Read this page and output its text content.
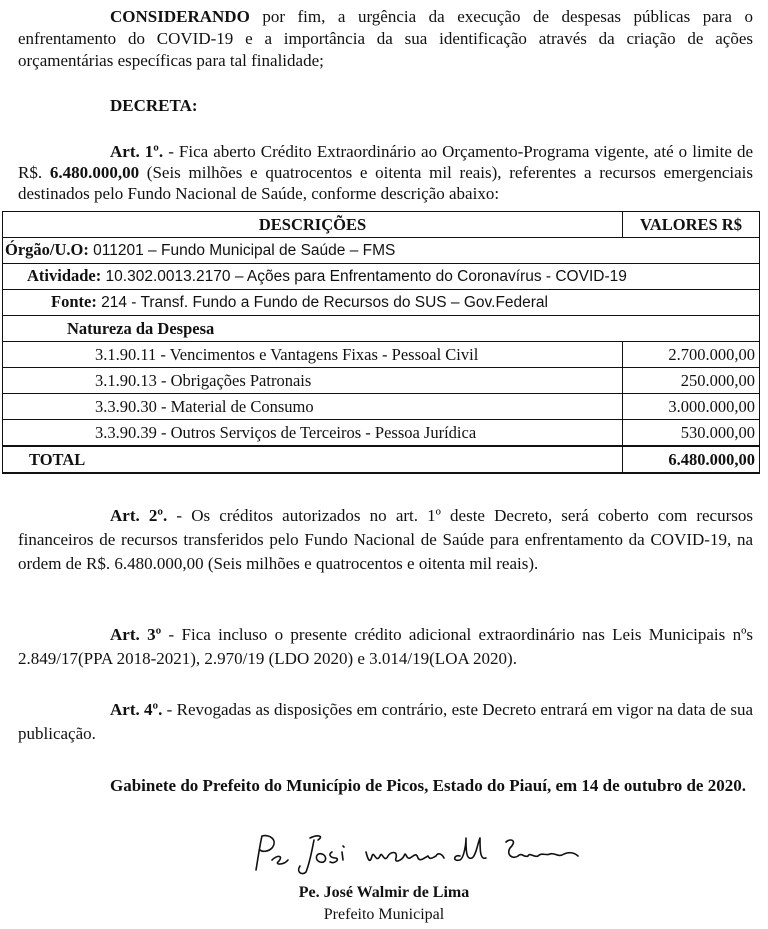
CONSIDERANDO por fim, a urgência da execução de despesas públicas para o enfrentamento do COVID-19 e a importância da sua identificação através da criação de ações orçamentárias específicas para tal finalidade;

DECRETA:

Art. 1º. - Fica aberto Crédito Extraordinário ao Orçamento-Programa vigente, até o limite de R$. 6.480.000,00 (Seis milhões e quatrocentos e oitenta mil reais), referentes a recursos emergenciais destinados pelo Fundo Nacional de Saúde, conforme descrição abaixo:

DESCRIÇÕES	VALORES R$
Órgão/U.O: 011201 – Fundo Municipal de Saúde – FMS	
Atividade: 10.302.0013.2170 – Ações para Enfrentamento do Coronavírus - COVID-19	
Fonte: 214 - Transf. Fundo a Fundo de Recursos do SUS – Gov.Federal	
Natureza da Despesa	
3.1.90.11 - Vencimentos e Vantagens Fixas - Pessoal Civil	2.700.000,00
3.1.90.13 - Obrigações Patronais	250.000,00
3.3.90.30 - Material de Consumo	3.000.000,00
3.3.90.39 - Outros Serviços de Terceiros - Pessoa Jurídica	530.000,00
TOTAL	6.480.000,00

Art. 2º. - Os créditos autorizados no art. 1º deste Decreto, será coberto com recursos financeiros de recursos transferidos pelo Fundo Nacional de Saúde para enfrentamento da COVID-19, na ordem de R$. 6.480.000,00 (Seis milhões e quatrocentos e oitenta mil reais).

Art. 3º - Fica incluso o presente crédito adicional extraordinário nas Leis Municipais nºs 2.849/17(PPA 2018-2021), 2.970/19 (LDO 2020) e 3.014/19(LOA 2020).

Art. 4º. - Revogadas as disposições em contrário, este Decreto entrará em vigor na data de sua publicação.

Gabinete do Prefeito do Município de Picos, Estado do Piauí, em 14 de outubro de 2020.

Pe. José Walmir de Lima
Prefeito Municipal
